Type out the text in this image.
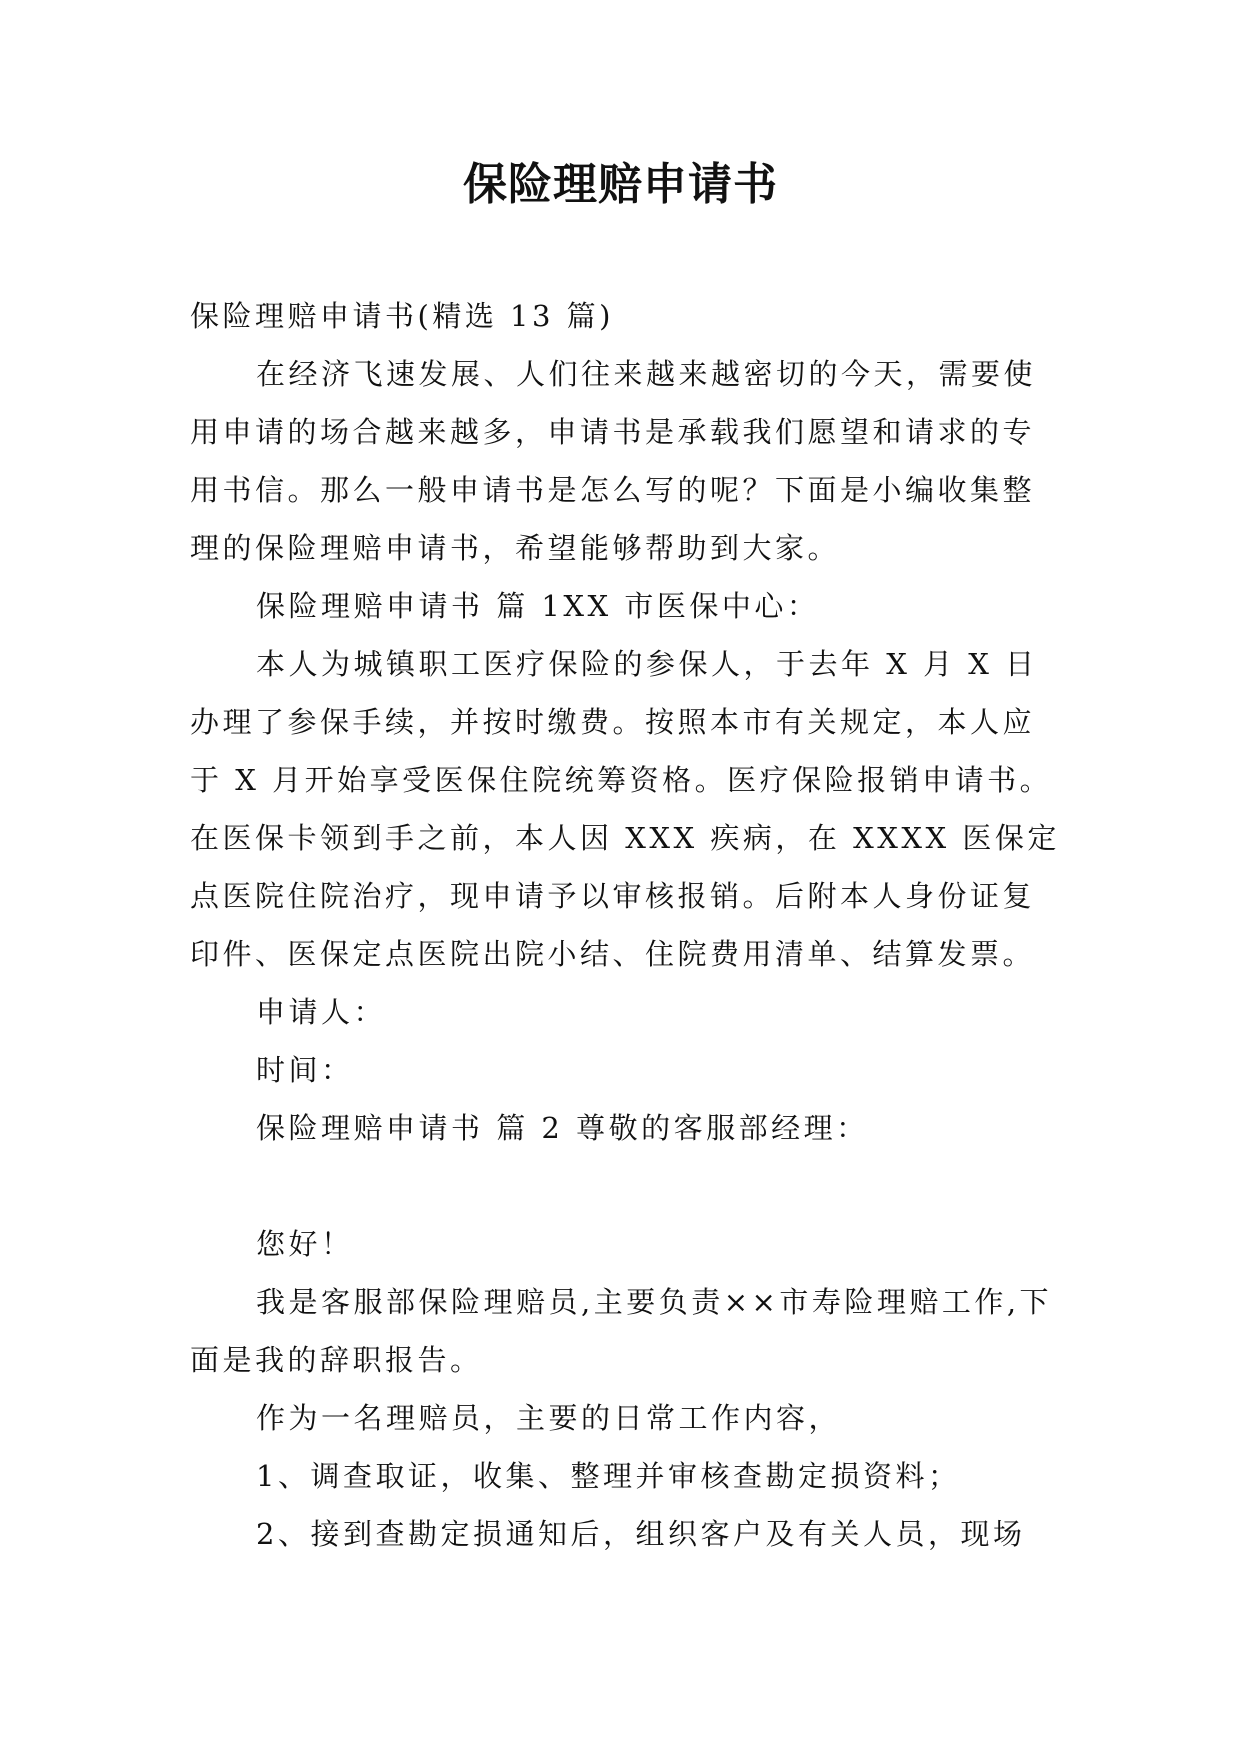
保险理赔申请书

保险理赔申请书(精选 13 篇)

在经济飞速发展、人们往来越来越密切的今天，需要使用申请的场合越来越多，申请书是承载我们愿望和请求的专用书信。那么一般申请书是怎么写的呢？下面是小编收集整理的保险理赔申请书，希望能够帮助到大家。

保险理赔申请书 篇 1XX 市医保中心：

本人为城镇职工医疗保险的参保人，于去年 X 月 X 日办理了参保手续，并按时缴费。按照本市有关规定，本人应于 X 月开始享受医保住院统筹资格。医疗保险报销申请书。在医保卡领到手之前，本人因 XXX 疾病，在 XXXX 医保定点医院住院治疗，现申请予以审核报销。后附本人身份证复印件、医保定点医院出院小结、住院费用清单、结算发票。

申请人：

时间：

保险理赔申请书 篇 2 尊敬的客服部经理：

您好！

我是客服部保险理赔员,主要负责××市寿险理赔工作,下面是我的辞职报告。

作为一名理赔员，主要的日常工作内容，

1、调查取证，收集、整理并审核查勘定损资料；

2、接到查勘定损通知后，组织客户及有关人员，现场
